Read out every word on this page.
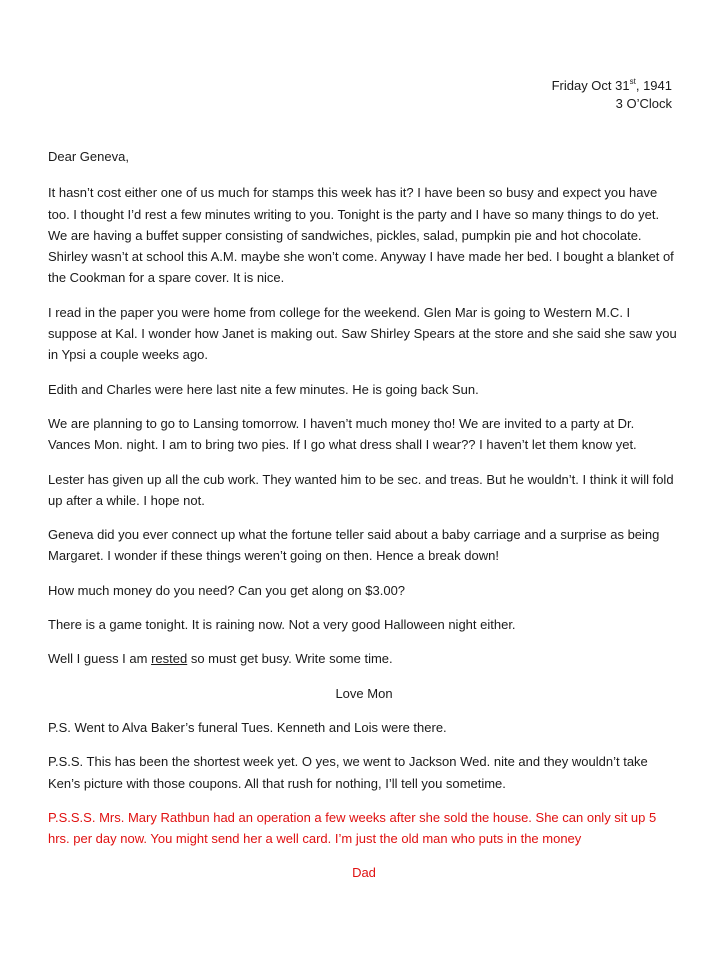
Friday Oct 31st, 1941
3 O’Clock

Dear Geneva,

It hasn’t cost either one of us much for stamps this week has it? I have been so busy and expect you have too. I thought I’d rest a few minutes writing to you. Tonight is the party and I have so many things to do yet. We are having a buffet supper consisting of sandwiches, pickles, salad, pumpkin pie and hot chocolate. Shirley wasn’t at school this A.M. maybe she won’t come. Anyway I have made her bed. I bought a blanket of the Cookman for a spare cover. It is nice.

I read in the paper you were home from college for the weekend. Glen Mar is going to Western M.C. I suppose at Kal. I wonder how Janet is making out. Saw Shirley Spears at the store and she said she saw you in Ypsi a couple weeks ago.

Edith and Charles were here last nite a few minutes. He is going back Sun.

We are planning to go to Lansing tomorrow. I haven’t much money tho! We are invited to a party at Dr. Vances Mon. night. I am to bring two pies. If I go what dress shall I wear?? I haven’t let them know yet.

Lester has given up all the cub work. They wanted him to be sec. and treas. But he wouldn’t. I think it will fold up after a while. I hope not.

Geneva did you ever connect up what the fortune teller said about a baby carriage and a surprise as being Margaret. I wonder if these things weren’t going on then. Hence a break down!

How much money do you need? Can you get along on $3.00?

There is a game tonight. It is raining now. Not a very good Halloween night either.

Well I guess I am rested so must get busy. Write some time.

Love Mon

P.S. Went to Alva Baker’s funeral Tues. Kenneth and Lois were there.

P.S.S. This has been the shortest week yet. O yes, we went to Jackson Wed. nite and they wouldn’t take Ken’s picture with those coupons. All that rush for nothing, I’ll tell you sometime.

P.S.S.S. Mrs. Mary Rathbun had an operation a few weeks after she sold the house. She can only sit up 5 hrs. per day now. You might send her a well card. I’m just the old man who puts in the money

Dad
